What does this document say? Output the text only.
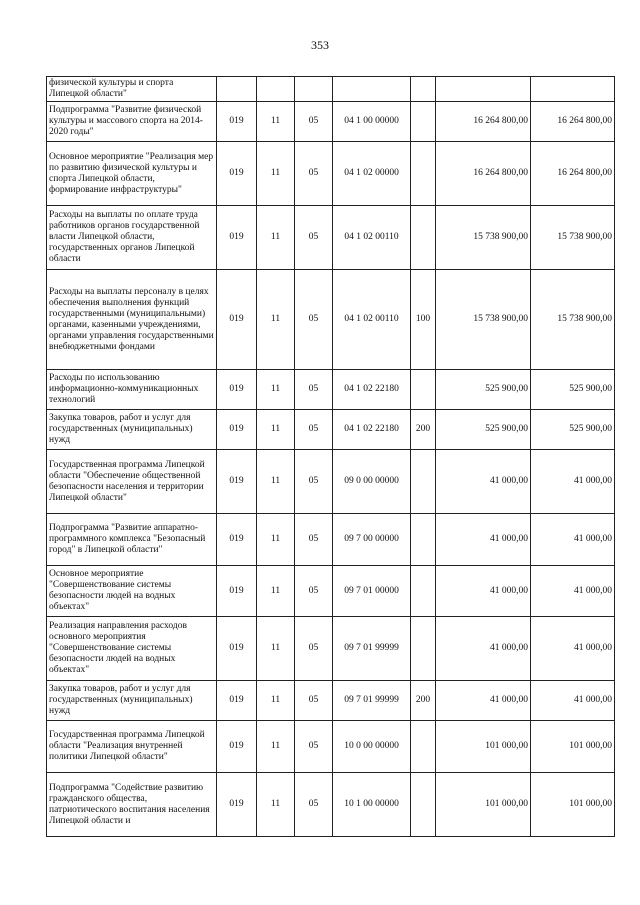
353
физической культуры и спорта Липецкой области"							
Подпрограмма "Развитие физической культуры и массового спорта на 2014-2020 годы"	019	11	05	04 1 00 00000		16 264 800,00	16 264 800,00
Основное мероприятие "Реализация мер по развитию физической культуры и спорта Липецкой области, формирование инфраструктуры"	019	11	05	04 1 02 00000		16 264 800,00	16 264 800,00
Расходы на выплаты по оплате труда работников органов государственной власти Липецкой области, государственных органов Липецкой области	019	11	05	04 1 02 00110		15 738 900,00	15 738 900,00
Расходы на выплаты персоналу в целях обеспечения выполнения функций государственными (муниципальными) органами, казенными учреждениями, органами управления государственными внебюджетными фондами	019	11	05	04 1 02 00110	100	15 738 900,00	15 738 900,00
Расходы по использованию информационно-коммуникационных технологий	019	11	05	04 1 02 22180		525 900,00	525 900,00
Закупка товаров, работ и услуг для государственных (муниципальных) нужд	019	11	05	04 1 02 22180	200	525 900,00	525 900,00
Государственная программа Липецкой области "Обеспечение общественной безопасности населения и территории Липецкой области"	019	11	05	09 0 00 00000		41 000,00	41 000,00
Подпрограмма "Развитие аппаратно-программного комплекса "Безопасный город" в Липецкой области"	019	11	05	09 7 00 00000		41 000,00	41 000,00
Основное мероприятие "Совершенствование системы безопасности людей на водных объектах"	019	11	05	09 7 01 00000		41 000,00	41 000,00
Реализация направления расходов основного мероприятия "Совершенствование системы безопасности людей на водных объектах"	019	11	05	09 7 01 99999		41 000,00	41 000,00
Закупка товаров, работ и услуг для государственных (муниципальных) нужд	019	11	05	09 7 01 99999	200	41 000,00	41 000,00
Государственная программа Липецкой области "Реализация внутренней политики Липецкой области"	019	11	05	10 0 00 00000		101 000,00	101 000,00
Подпрограмма "Содействие развитию гражданского общества, патриотического воспитания населения Липецкой области и	019	11	05	10 1 00 00000		101 000,00	101 000,00
